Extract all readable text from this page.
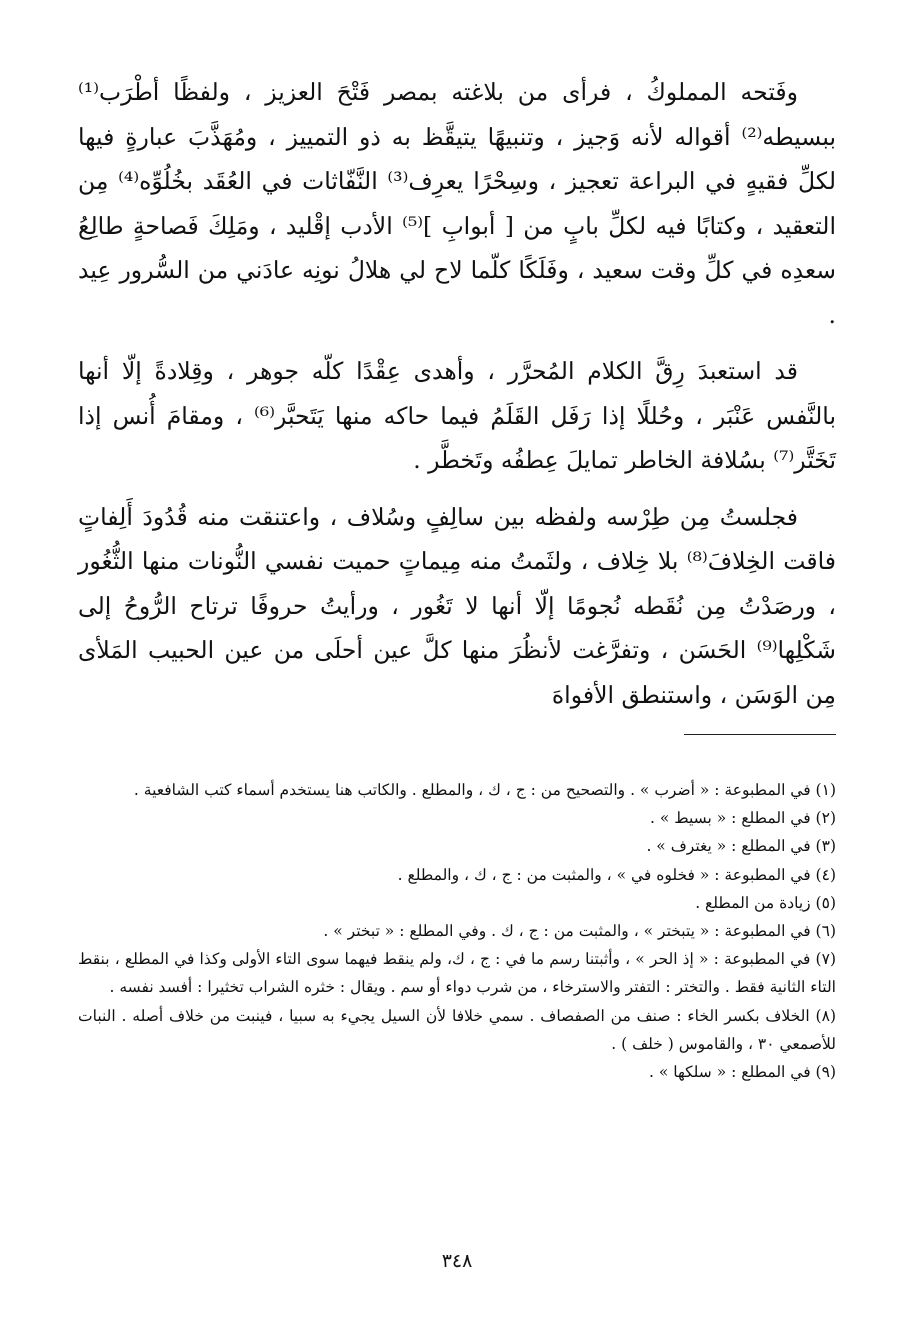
وفَتحه المملوكُ ، فرأى من بلاغته بمصر فَتْحَ العزيز ، ولفظًا أطْرَب⁽¹⁾ ببسيطه⁽²⁾ أقواله لأنه وَجيز ، وتنبيهًا يتيقَّظ به ذو التمييز ، ومُهَذَّبَ عبارةٍ فيها لكلِّ فقيهٍ في البراعة تعجيز ، وسِحْرًا يعرِف⁽³⁾ النَّفّاثات في العُقَد بخُلُوِّه⁽⁴⁾ مِن التعقيد ، وكتابًا فيه لكلِّ بابٍ من [ أبوابِ ]⁽⁵⁾ الأدب إقْليد ، ومَلِكَ فَصاحةٍ طالِعُ سعدِه في كلِّ وقت سعيد ، وفَلَكًا كلّما لاح لي هلالُ نونِه عادَني من السُّرور عِيد .

قد استعبدَ رِقَّ الكلام المُحرَّر ، وأهدى عِقْدًا كلّه جوهر ، وقِلادةً إلّا أنها بالنَّفس عَنْبَر ، وحُللًا إذا رَفَل القَلَمُ فيما حاكه منها يَتَحبَّر⁽⁶⁾ ، ومقامَ أُنس إذا تَخَتَّر⁽⁷⁾ بسُلافة الخاطر تمايلَ عِطفُه وتَخطَّر .

فجلستُ مِن طِرْسه ولفظه بين سالِفٍ وسُلاف ، واعتنقت منه قُدُودَ أَلِفاتٍ فاقت الخِلافَ⁽⁸⁾ بلا خِلاف ، ولثَمتُ منه مِيماتٍ حميت نفسي النُّونات منها الثُّغُور ، ورصَدْتُ مِن نُقَطه نُجومًا إلّا أنها لا تَغُور ، ورأيتُ حروفًا ترتاح الرُّوحُ إلى شَكْلِها⁽⁹⁾ الحَسَن ، وتفرَّغت لأنظُرَ منها كلَّ عين أحلَى من عين الحبيب المَلأى مِن الوَسَن ، واستنطق الأفواهَ

(١) في المطبوعة : « أضرب » . والتصحيح من : ج ، ك ، والمطلع . والكاتب هنا يستخدم أسماء كتب الشافعية .

(٢) في المطلع : « بسيط » .

(٣) في المطلع : « يغترف » .

(٤) في المطبوعة : « فخلوه في » ، والمثبت من : ج ، ك ، والمطلع .

(٥) زيادة من المطلع .

(٦) في المطبوعة : « يتبختر » ، والمثبت من : ج ، ك . وفي المطلع : « تبختر » .

(٧) في المطبوعة : « إذ الحر » ، وأثبتنا رسم ما في : ج ، ك، ولم ينقط فيهما سوى التاء الأولى وكذا في المطلع ، بنقط التاء الثانية فقط . والتختر : التفتر والاسترخاء ، من شرب دواء أو سم . ويقال : خثره الشراب تخثيرا : أفسد نفسه .

(٨) الخلاف بكسر الخاء : صنف من الصفصاف . سمي خلافا لأن السيل يجيء به سبيا ، فينبت من خلاف أصله . النبات للأصمعي ٣٠ ، والقاموس ( خلف ) .

(٩) في المطلع : « سلكها » .

٣٤٨
